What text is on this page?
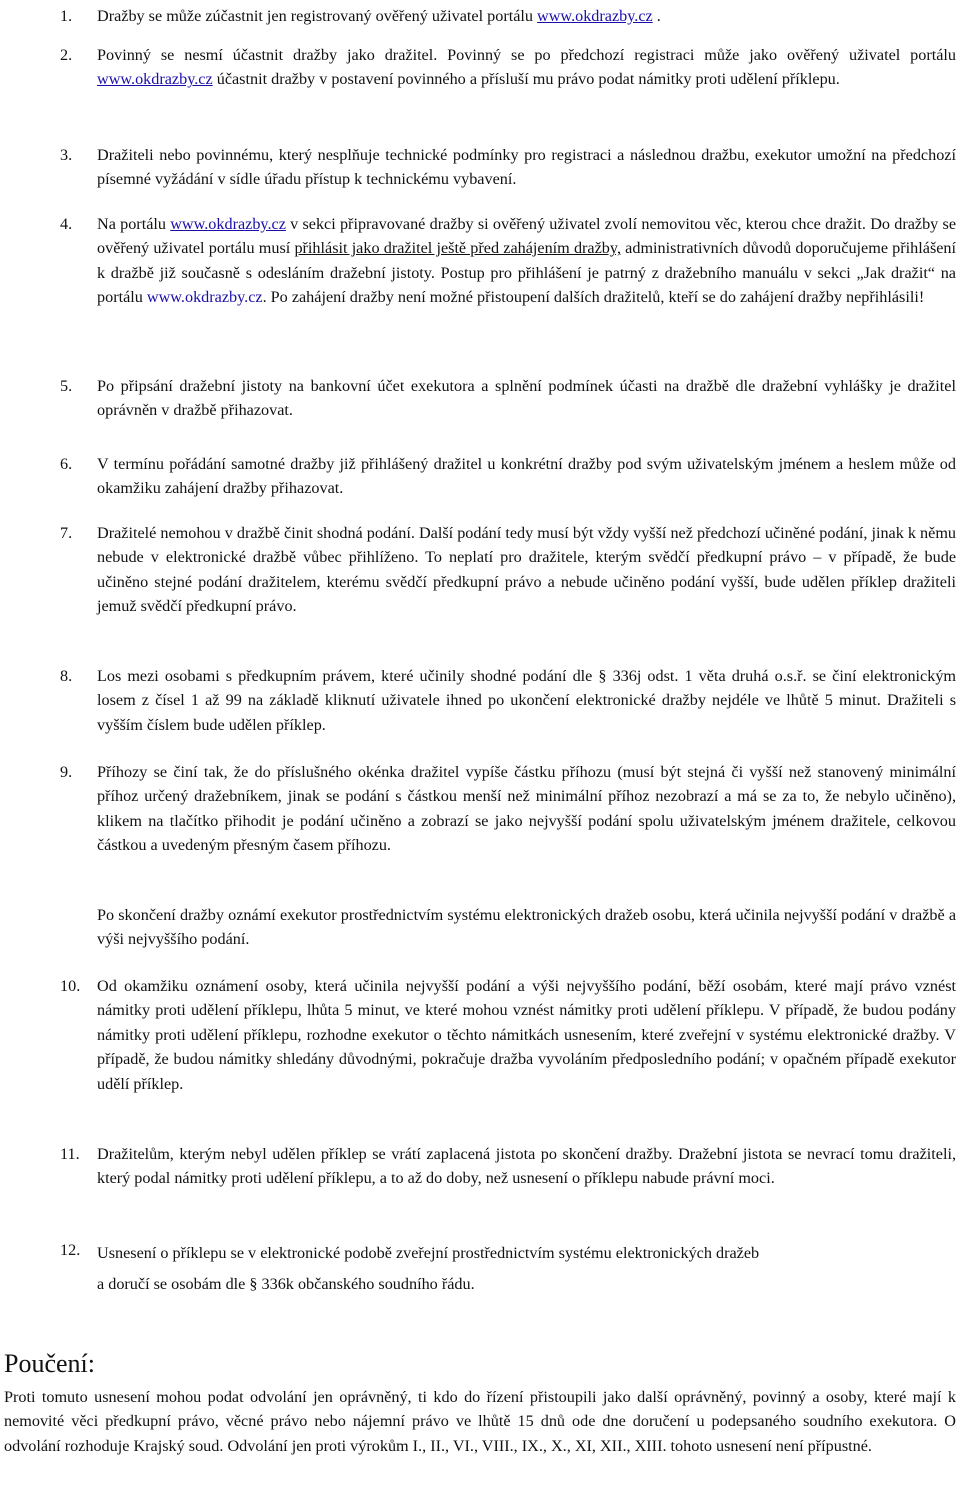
1. Dražby se může zúčastnit jen registrovaný ověřený uživatel portálu www.okdrazby.cz .
2. Povinný se nesmí účastnit dražby jako dražitel. Povinný se po předchozí registraci může jako ověřený uživatel portálu www.okdrazby.cz účastnit dražby v postavení povinného a přísluší mu právo podat námitky proti udělení příklepu.
3. Dražiteli nebo povinnému, který nesplňuje technické podmínky pro registraci a následnou dražbu, exekutor umožní na předchozí písemné vyžádání v sídle úřadu přístup k technickému vybavení.
4. Na portálu www.okdrazby.cz v sekci připravované dražby si ověřený uživatel zvolí nemovitou věc, kterou chce dražit. Do dražby se ověřený uživatel portálu musí přihlásit jako dražitel ještě před zahájením dražby, administrativních důvodů doporučujeme přihlášení k dražbě již současně s odesláním dražební jistoty. Postup pro přihlášení je patrný z dražebního manuálu v sekci „Jak dražit“ na portálu www.okdrazby.cz. Po zahájení dražby není možné přistoupení dalších dražitelů, kteří se do zahájení dražby nepřihlásili!
5. Po připsání dražební jistoty na bankovní účet exekutora a splnění podmínek účasti na dražbě dle dražební vyhlášky je dražitel oprávněn v dražbě přihazovat.
6. V termínu pořádání samotné dražby již přihlášený dražitel u konkrétní dražby pod svým uživatelským jménem a heslem může od okamžiku zahájení dražby přihazovat.
7. Dražitelé nemohou v dražbě činit shodná podání. Další podání tedy musí být vždy vyšší než předchozí učiněné podání, jinak k němu nebude v elektronické dražbě vůbec přihlíženo. To neplatí pro dražitele, kterým svědčí předkupní právo – v případě, že bude učiněno stejné podání dražitelem, kterému svědčí předkupní právo a nebude učiněno podání vyšší, bude udělen příklep dražiteli jemuž svědčí předkupní právo.
8. Los mezi osobami s předkupním právem, které učinily shodné podání dle § 336j odst. 1 věta druhá o.s.ř. se činí elektronickým losem z čísel 1 až 99 na základě kliknutí uživatele ihned po ukončení elektronické dražby nejdéle ve lhůtě 5 minut. Dražiteli s vyšším číslem bude udělen příklep.
9. Příhozy se činí tak, že do příslušného okénka dražitel vypíše částku příhozu (musí být stejná či vyšší než stanovený minimální příhoz určený dražebníkem, jinak se podání s částkou menší než minimální příhoz nezobrazí a má se za to, že nebylo učiněno), klikem na tlačítko přihodit je podání učiněno a zobrazí se jako nejvyšší podání spolu uživatelským jménem dražitele, celkovou částkou a uvedeným přesným časem příhozu.
Po skončení dražby oznámí exekutor prostřednictvím systému elektronických dražeb osobu, která učinila nejvyšší podání v dražbě a výši nejvyššího podání.
10. Od okamžiku oznámení osoby, která učinila nejvyšší podání a výši nejvyššího podání, běží osobám, které mají právo vznést námitky proti udělení příklepu, lhůta 5 minut, ve které mohou vznést námitky proti udělení příklepu. V případě, že budou podány námitky proti udělení příklepu, rozhodne exekutor o těchto námitkách usnesením, které zveřejní v systému elektronické dražby. V případě, že budou námitky shledány důvodnými, pokračuje dražba vyvoláním předposledního podání; v opačném případě exekutor udělí příklep.
11. Dražitelům, kterým nebyl udělen příklep se vrátí zaplacená jistota po skončení dražby. Dražební jistota se nevrací tomu dražiteli, který podal námitky proti udělení příklepu, a to až do doby, než usnesení o příklepu nabude právní moci.
12. Usnesení o příklepu se v elektronické podobě zveřejní prostřednictvím systému elektronických dražeb
a doručí se osobám dle § 336k občanského soudního řádu.
Poučení:
Proti tomuto usnesení mohou podat odvolání jen oprávněný, ti kdo do řízení přistoupili jako další oprávněný, povinný a osoby, které mají k nemovité věci předkupní právo, věcné právo nebo nájemní právo ve lhůtě 15 dnů ode dne doručení u podepsaného soudního exekutora. O odvolání rozhoduje Krajský soud. Odvolání jen proti výrokům I., II., VI., VIII., IX., X., XI, XII., XIII. tohoto usnesení není přípustné.
